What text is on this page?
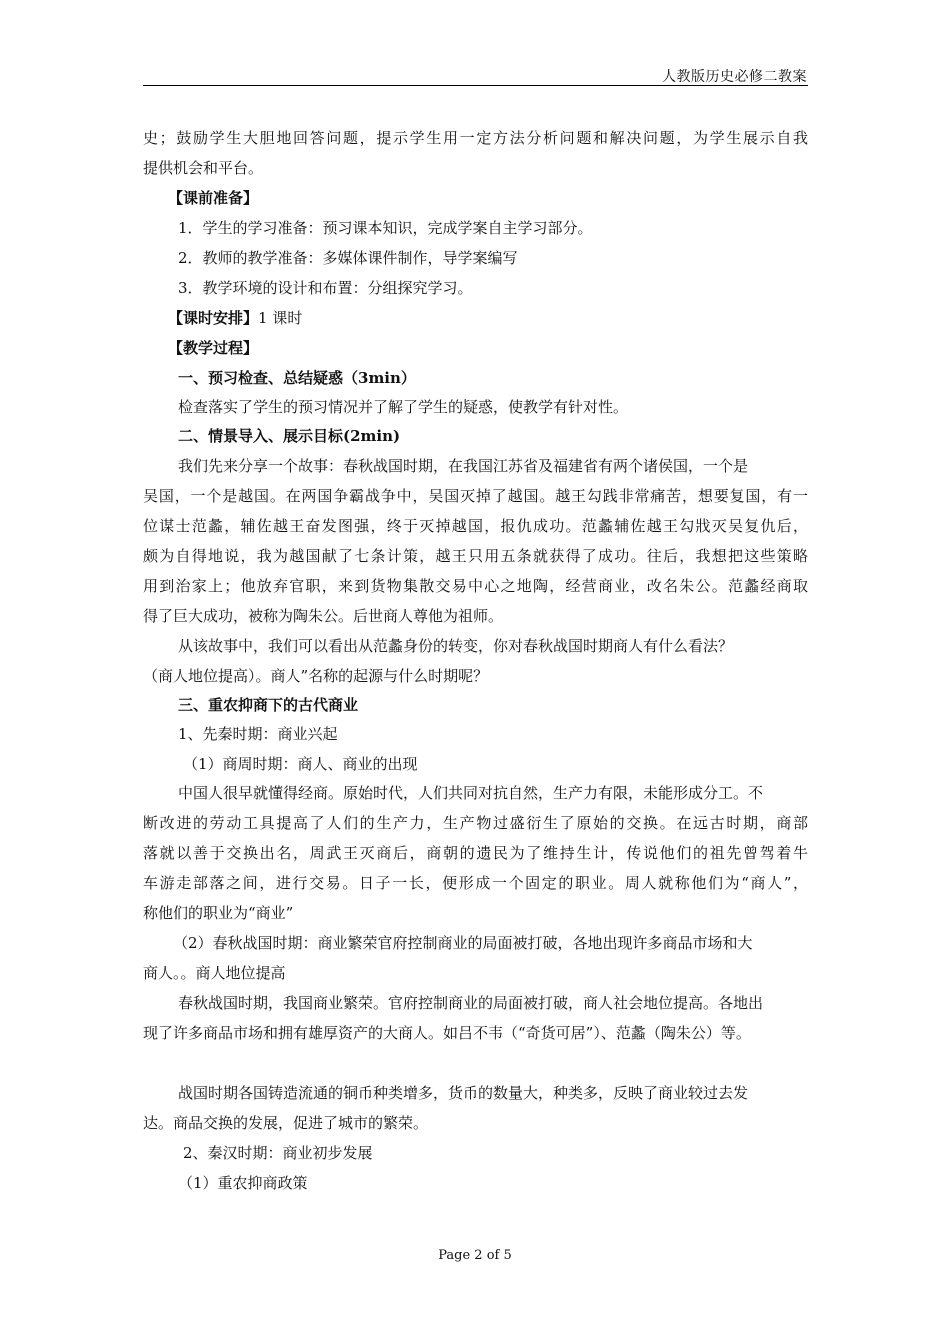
人教版历史必修二教案
史；鼓励学生大胆地回答问题，提示学生用一定方法分析问题和解决问题，为学生展示自我
提供机会和平台。
【课前准备】
1．学生的学习准备：预习课本知识，完成学案自主学习部分。
2．教师的教学准备：多媒体课件制作，导学案编写
3．教学环境的设计和布置：分组探究学习。
【课时安排】1 课时
【教学过程】
一、预习检查、总结疑惑（3min）
检查落实了学生的预习情况并了解了学生的疑惑，使教学有针对性。
二、情景导入、展示目标(2min)
我们先来分享一个故事：春秋战国时期，在我国江苏省及福建省有两个诸侯国，一个是
吴国，一个是越国。在两国争霸战争中，吴国灭掉了越国。越王勾践非常痛苦，想要复国，有一
位谋士范蠡，辅佐越王奋发图强，终于灭掉越国，报仇成功。范蠡辅佐越王勾戕灭吴复仇后，
颇为自得地说，我为越国献了七条计策，越王只用五条就获得了成功。往后，我想把这些策略
用到治家上；他放弃官职，来到货物集散交易中心之地陶，经营商业，改名朱公。范蠡经商取
得了巨大成功，被称为陶朱公。后世商人尊他为祖师。
从该故事中，我们可以看出从范蠡身份的转变，你对春秋战国时期商人有什么看法？
（商人地位提高）。商人”名称的起源与什么时期呢？
三、重农抑商下的古代商业
1、先秦时期：商业兴起
（1）商周时期：商人、商业的出现
中国人很早就懂得经商。原始时代，人们共同对抗自然，生产力有限，未能形成分工。不
断改进的劳动工具提高了人们的生产力，生产物过盛衍生了原始的交换。在远古时期，商部
落就以善于交换出名，周武王灭商后，商朝的遗民为了维持生计，传说他们的祖先曾驾着牛
车游走部落之间，进行交易。日子一长，便形成一个固定的职业。周人就称他们为“商人”，
称他们的职业为“商业”
（2）春秋战国时期：商业繁荣官府控制商业的局面被打破，各地出现许多商品市场和大
商人。。商人地位提高
春秋战国时期，我国商业繁荣。官府控制商业的局面被打破，商人社会地位提高。各地出
现了许多商品市场和拥有雄厚资产的大商人。如吕不韦（“奇货可居”）、范蠡（陶朱公）等。
战国时期各国铸造流通的铜币种类增多，货币的数量大，种类多，反映了商业较过去发
达。商品交换的发展，促进了城市的繁荣。
2、秦汉时期：商业初步发展
（1）重农抑商政策
Page 2 of 5
